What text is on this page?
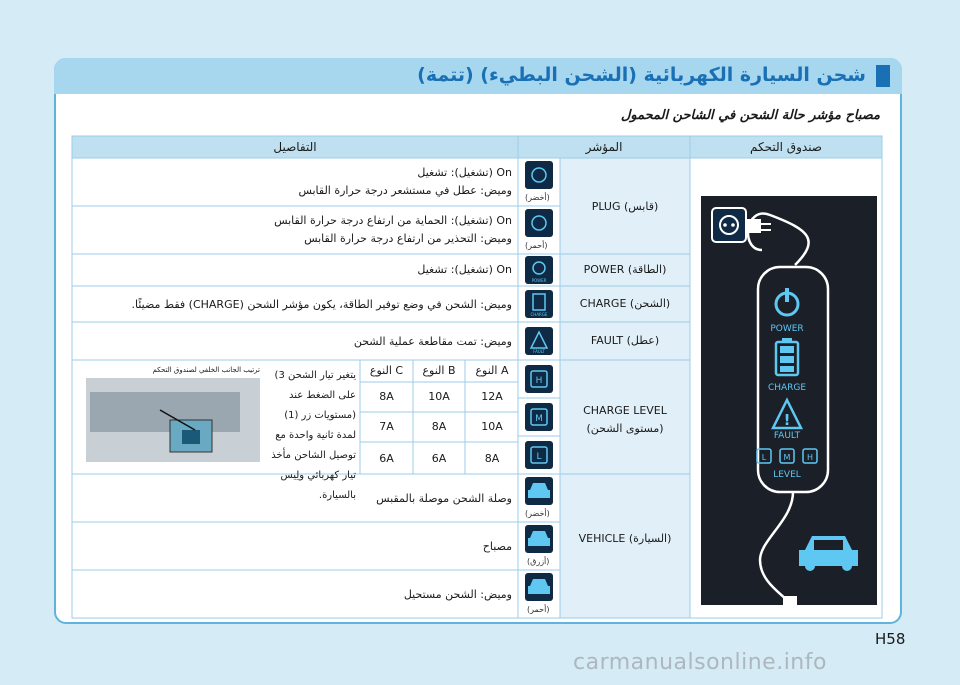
شحن السيارة الكهربائية (الشحن البطيء) (تتمة)
مصباح مؤشر حالة الشحن في الشاحن المحمول
POWER
CHARGE
!
FAULT
L M H
LEVEL
H
M
L
POWER
CHARGE
FAULT
صندوق التحكم
المؤشر
التفاصيل
PLUG (قابس)
(أخضر)
On (تشغيل): تشغيل
وميض: عطل في مستشعر درجة حرارة القابس
(أحمر)
On (تشغيل): الحماية من ارتفاع درجة حرارة القابس
وميض: التحذير من ارتفاع درجة حرارة القابس
POWER (الطاقة)
On (تشغيل): تشغيل
CHARGE (الشحن)
وميض: الشحن في وضع توفير الطاقة، يكون مؤشر الشحن (CHARGE) فقط مضيئًا.
FAULT (عطل)
وميض: تمت مقاطعة عملية الشحن
CHARGE LEVEL (مستوى الشحن)
ترتيب الجانب الخلفي لصندوق التحكم	يتغير تيار الشحن 3) على الضغط عند (مستويات زر (1) لمدة ثانية واحدة مع توصيل الشاحن مأخذ تيار كهربائي ولِيس بالسيارة.
النوع A
النوع B
النوع C
12A
10A
8A
10A
8A
7A
8A
6A
6A
VEHICLE (السيارة)
(أخضر)
وصلة الشحن موصلة بالمقبس
(أزرق)
مصباح
(أحمر)
وميض: الشحن مستحيل
H58
carmanualsonline.info
